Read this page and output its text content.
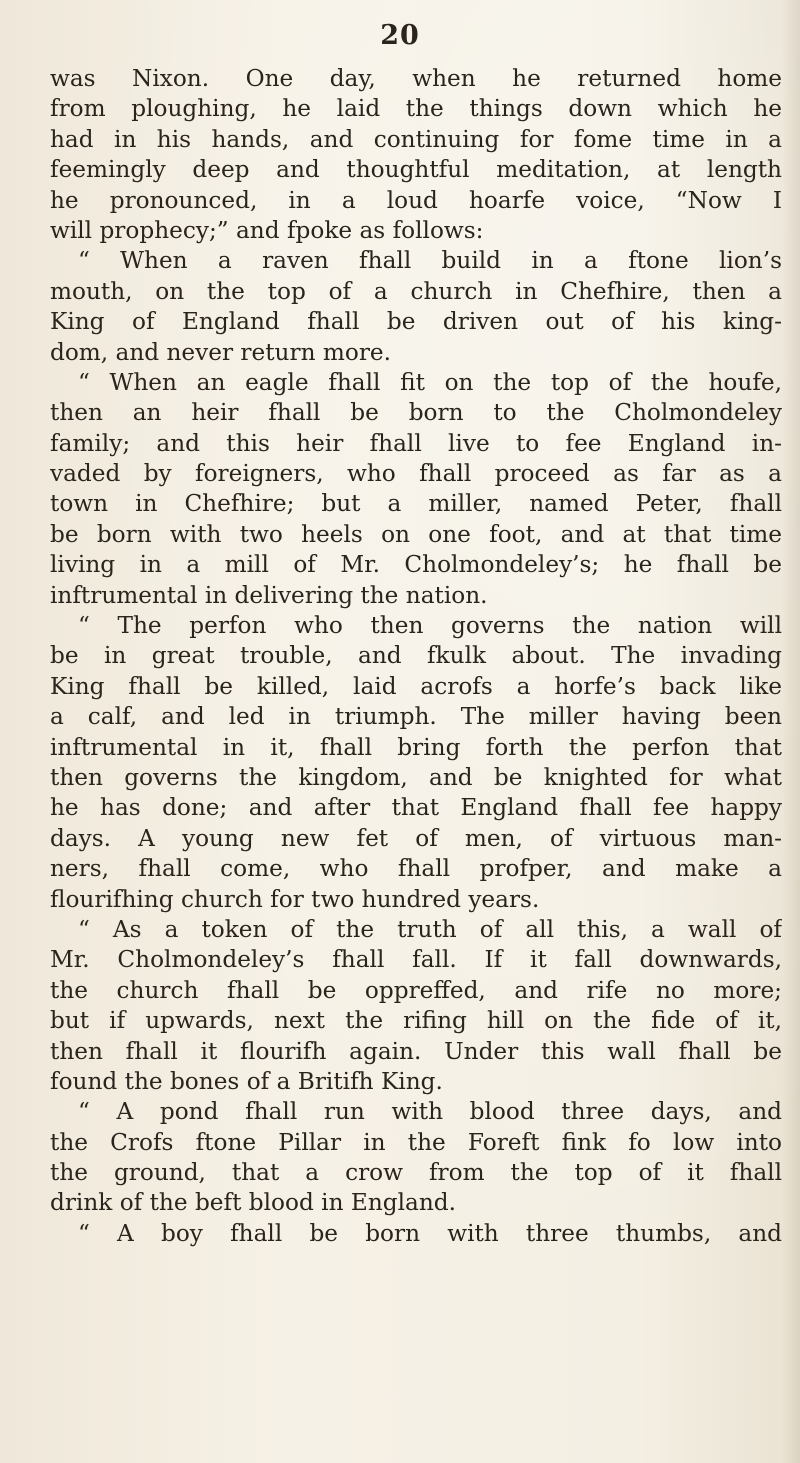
20
was Nixon. One day, when he returned home
from ploughing, he laid the things down which he
had in his hands, and continuing for fome time in a
feemingly deep and thoughtful meditation, at length
he pronounced, in a loud hoarfe voice, “Now I
will prophecy;” and fpoke as follows:
“ When a raven fhall build in a ftone lion’s
mouth, on the top of a church in Chefhire, then a
King of England fhall be driven out of his king-
dom, and never return more.
“ When an eagle fhall fit on the top of the houfe,
then an heir fhall be born to the Cholmondeley
family; and this heir fhall live to fee England in-
vaded by foreigners, who fhall proceed as far as a
town in Chefhire; but a miller, named Peter, fhall
be born with two heels on one foot, and at that time
living in a mill of Mr. Cholmondeley’s; he fhall be
inftrumental in delivering the nation.
“ The perfon who then governs the nation will
be in great trouble, and fkulk about. The invading
King fhall be killed, laid acrofs a horfe’s back like
a calf, and led in triumph. The miller having been
inftrumental in it, fhall bring forth the perfon that
then governs the kingdom, and be knighted for what
he has done; and after that England fhall fee happy
days. A young new fet of men, of virtuous man-
ners, fhall come, who fhall profper, and make a
flourifhing church for two hundred years.
“ As a token of the truth of all this, a wall of
Mr. Cholmondeley’s fhall fall. If it fall downwards,
the church fhall be oppreffed, and rife no more;
but if upwards, next the rifing hill on the fide of it,
then fhall it flourifh again. Under this wall fhall be
found the bones of a Britifh King.
“ A pond fhall run with blood three days, and
the Crofs ftone Pillar in the Foreft fink fo low into
the ground, that a crow from the top of it fhall
drink of the beft blood in England.
“ A boy fhall be born with three thumbs, and
